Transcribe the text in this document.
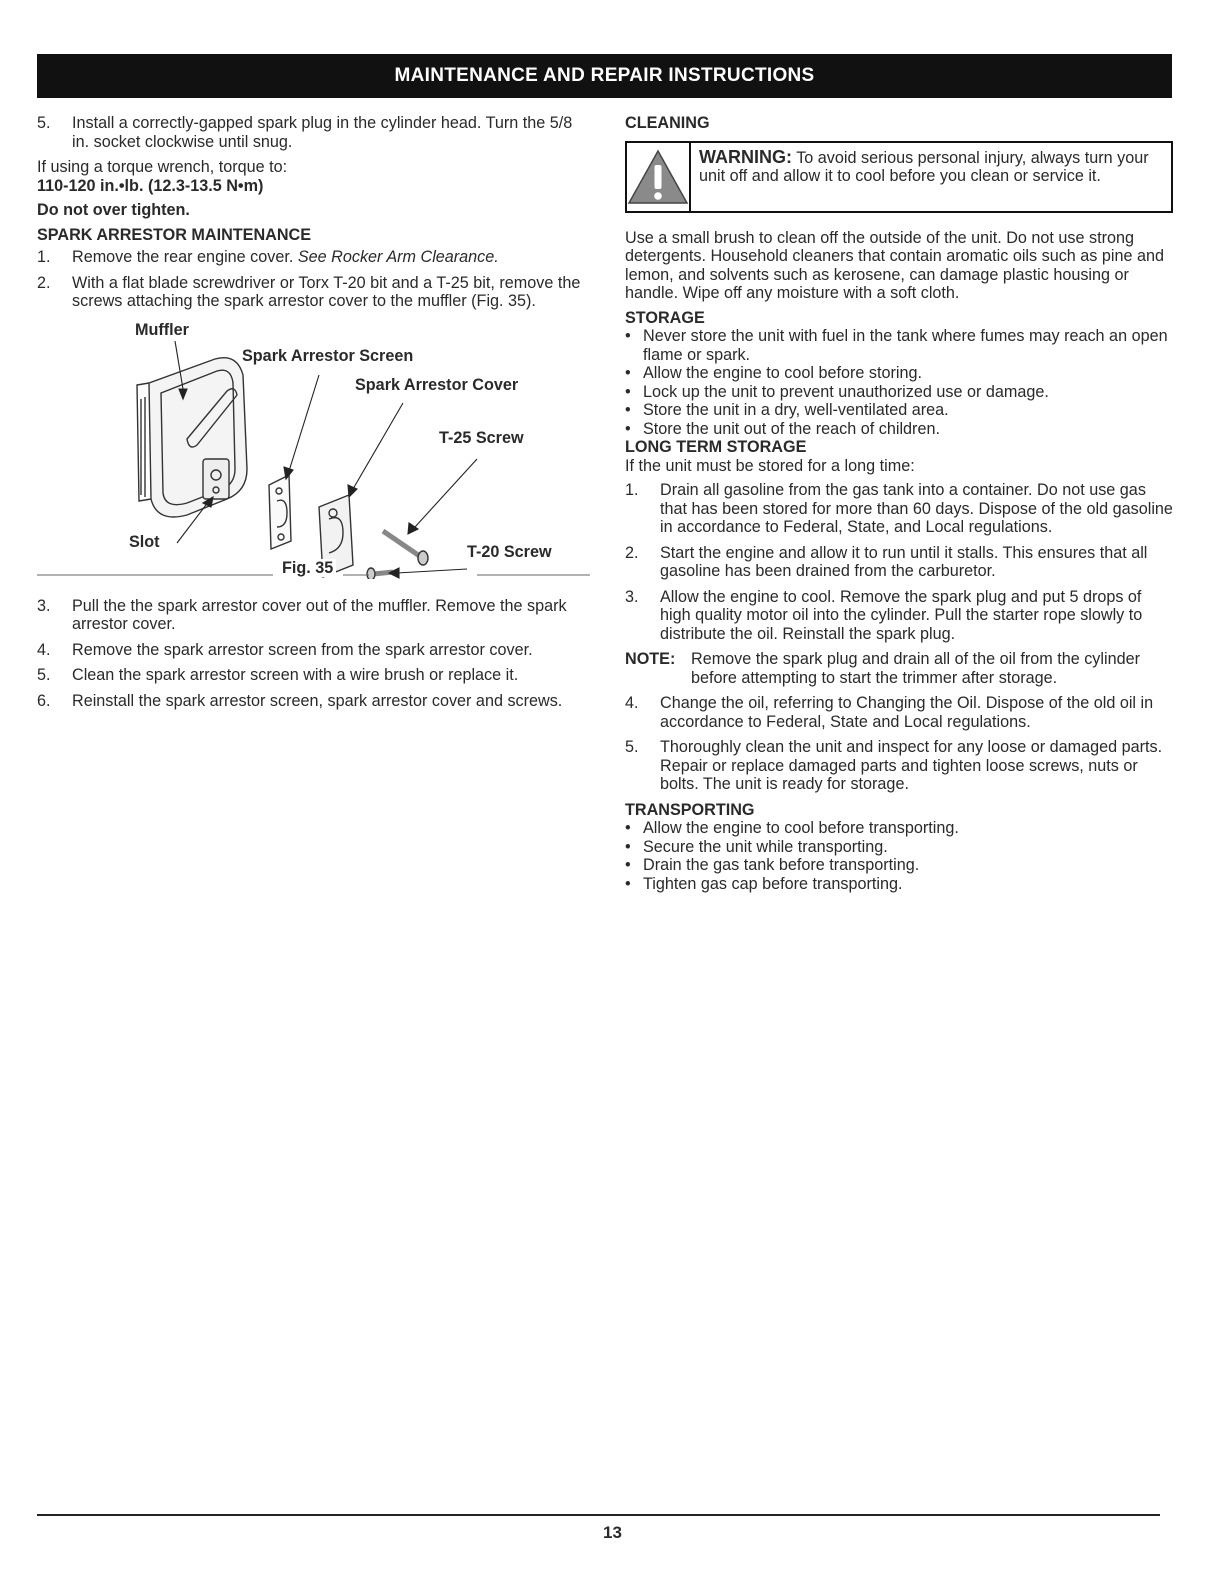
MAINTENANCE AND REPAIR INSTRUCTIONS
5.	Install a correctly-gapped spark plug in the cylinder head. Turn the 5/8 in. socket clockwise until snug.

If using a torque wrench, torque to:

110-120 in.•lb. (12.3-13.5 N•m)

Do not over tighten.

SPARK ARRESTOR MAINTENANCE

1.	Remove the rear engine cover. See Rocker Arm Clearance.
2.	With a flat blade screwdriver or Torx T-20 bit and a T-25 bit, remove the screws attaching the spark arrestor cover to the muffler (Fig. 35).
Muffler
Spark Arrestor Screen
Spark Arrestor Cover
T-25 Screw
Slot
Fig. 35
T-20 Screw
3.	Pull the the spark arrestor cover out of the muffler. Remove the spark arrestor cover.
4.	Remove the spark arrestor screen from the spark arrestor cover.
5.	Clean the spark arrestor screen with a wire brush or replace it.
6.	Reinstall the spark arrestor screen, spark arrestor cover and screws.

CLEANING

WARNING: To avoid serious personal injury, always turn your unit off and allow it to cool before you clean or service it.

Use a small brush to clean off the outside of the unit. Do not use strong detergents. Household cleaners that contain aromatic oils such as pine and lemon, and solvents such as kerosene, can damage plastic housing or handle. Wipe off any moisture with a soft cloth.

STORAGE

• Never store the unit with fuel in the tank where fumes may reach an open flame or spark.
• Allow the engine to cool before storing.
• Lock up the unit to prevent unauthorized use or damage.
• Store the unit in a dry, well-ventilated area.
• Store the unit out of the reach of children.

LONG TERM STORAGE

If the unit must be stored for a long time:

1.	Drain all gasoline from the gas tank into a container. Do not use gas that has been stored for more than 60 days. Dispose of the old gasoline in accordance to Federal, State, and Local regulations.
2.	Start the engine and allow it to run until it stalls. This ensures that all gasoline has been drained from the carburetor.
3.	Allow the engine to cool. Remove the spark plug and put 5 drops of high quality motor oil into the cylinder. Pull the starter rope slowly to distribute the oil. Reinstall the spark plug.
NOTE: Remove the spark plug and drain all of the oil from the cylinder before attempting to start the trimmer after storage.
4.	Change the oil, referring to Changing the Oil. Dispose of the old oil in accordance to Federal, State and Local regulations.
5.	Thoroughly clean the unit and inspect for any loose or damaged parts. Repair or replace damaged parts and tighten loose screws, nuts or bolts. The unit is ready for storage.

TRANSPORTING

• Allow the engine to cool before transporting.
• Secure the unit while transporting.
• Drain the gas tank before transporting.
• Tighten gas cap before transporting.
13
